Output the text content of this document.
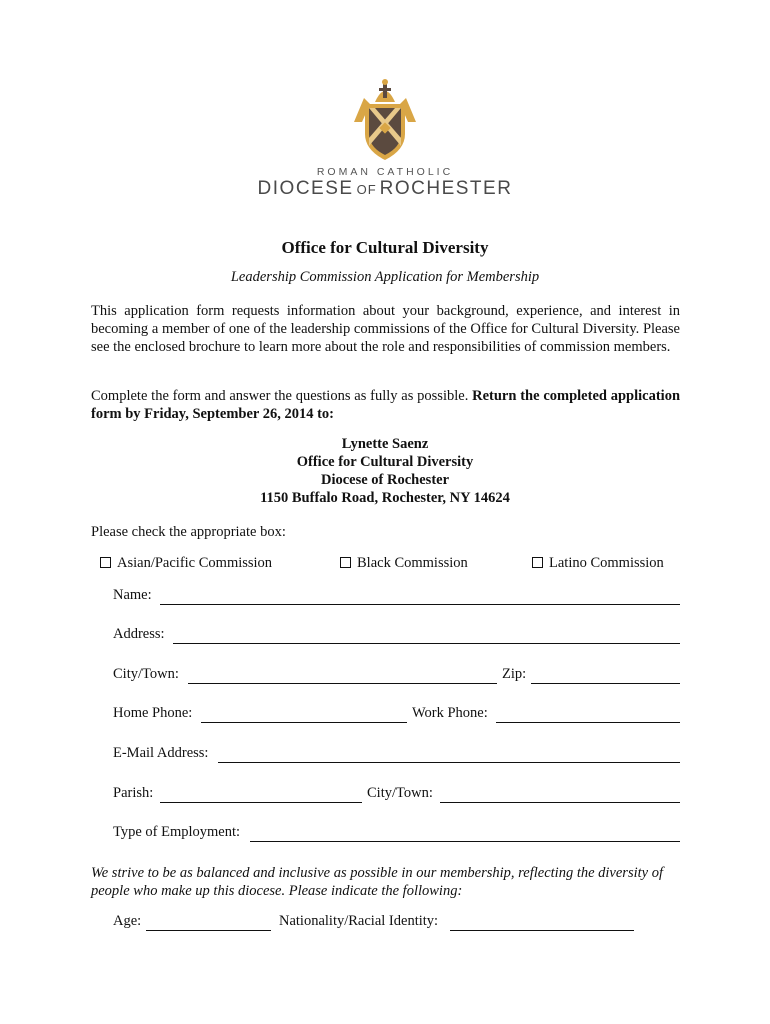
ROMAN CATHOLIC
DIOCESE OF ROCHESTER
Office for Cultural Diversity
Leadership Commission Application for Membership
This application form requests information about your background, experience, and interest in becoming a member of one of the leadership commissions of the Office for Cultural Diversity. Please see the enclosed brochure to learn more about the role and responsibilities of commission members.
Complete the form and answer the questions as fully as possible. Return the completed application form by Friday, September 26, 2014 to:
Lynette Saenz
Office for Cultural Diversity
Diocese of Rochester
1150 Buffalo Road, Rochester, NY 14624
Please check the appropriate box:
Asian/Pacific Commission	Black Commission	Latino Commission
Name:
Address:
City/Town:	Zip:
Home Phone:	Work Phone:
E-Mail Address:
Parish:	City/Town:
Type of Employment:
We strive to be as balanced and inclusive as possible in our membership, reflecting the diversity of people who make up this diocese. Please indicate the following:
Age:	Nationality/Racial Identity:
